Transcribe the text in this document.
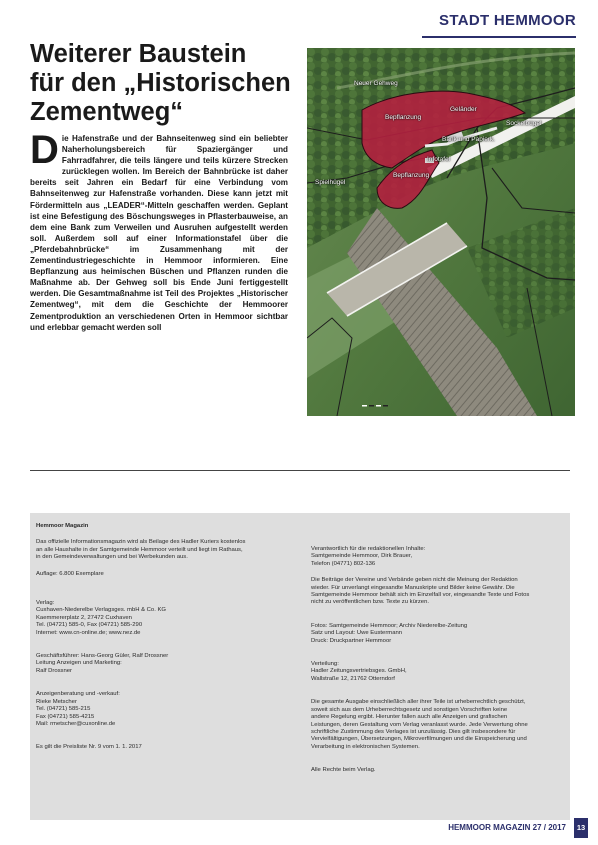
STADT HEMMOOR
Weiterer Baustein
für den „Historischen
Zementweg“
Die Hafenstraße und der Bahnseitenweg sind ein beliebter Naherholungsbereich für Spaziergänger und Fahrradfahrer, die teils längere und teils kürzere Strecken zurücklegen wollen. Im Bereich der Bahnbrücke ist daher bereits seit Jahren ein Bedarf für eine Verbindung vom Bahnseitenweg zur Hafenstraße vorhanden. Diese kann jetzt mit Fördermitteln aus „LEADER“-Mitteln geschaffen werden. Geplant ist eine Befestigung des Böschungsweges in Pflasterbauweise, an dem eine Bank zum Verweilen und Ausruhen aufgestellt werden soll. Außerdem soll auf einer Informationstafel über die „Pferdebahnbrücke“ im Zusammenhang mit der Zementindustriegeschichte in Hemmoor informieren. Eine Bepflanzung aus heimischen Büschen und Pflanzen runden die Maßnahme ab. Der Gehweg soll bis Ende Juni fertiggestellt werden. Die Gesamtmaßnahme ist Teil des Projektes „Historischer Zementweg“, mit dem die Geschichte der Hemmoorer Zementproduktion an verschiedenen Orten in Hemmoor sichtbar und erlebbar gemacht werden soll
Neuer Gehweg
Geländer
Bepflanzung
Sockelbügel
Bank und Papierk.
Infotafel
Bepflanzung
Spielhügel

Hemmoor Magazin

Das offizielle Informationsmagazin wird als Beilage des Hadler Kuriers kostenlos
an alle Haushalte in der Samtgemeinde Hemmoor verteilt und liegt im Rathaus,
in den Gemeindeverwaltungen und bei Werbekunden aus.

Auflage: 6.800 Exemplare

Verlag:
Cuxhaven-Niederelbe Verlagsges. mbH & Co. KG
Kaemmererplatz 2, 27472 Cuxhaven
Tel. (04721) 585-0, Fax (04721) 585-290
Internet: www.cn-online.de; www.nez.de

Geschäftsführer: Hans-Georg Güler, Ralf Drossner
Leitung Anzeigen und Marketing:
Ralf Drossner

Anzeigenberatung und -verkauf:
Rieke Metscher
Tel. (04721) 585-215
Fax (04721) 585-4215
Mail: rmetscher@cuxonline.de

Es gilt die Preisliste Nr. 9 vom 1. 1. 2017

Verantwortlich für die redaktionellen Inhalte:
Samtgemeinde Hemmoor, Dirk Brauer,
Telefon (04771) 802-136

Die Beiträge der Vereine und Verbände geben nicht die Meinung der Redaktion
wieder. Für unverlangt eingesandte Manuskripte und Bilder keine Gewähr. Die
Samtgemeinde Hemmoor behält sich im Einzelfall vor, eingesandte Texte und Fotos
nicht zu veröffentlichen bzw. Texte zu kürzen.

Fotos: Samtgemeinde Hemmoor; Archiv Niederelbe-Zeitung
Satz und Layout: Uwe Eustermann
Druck: Druckpartner Hemmoor

Verteilung:
Hadler Zeitungsvertriebsges. GmbH,
Wallstraße 12, 21762 Otterndorf

Die gesamte Ausgabe einschließlich aller ihrer Teile ist urheberrechtlich geschützt,
soweit sich aus dem Urheberrechtsgesetz und sonstigen Vorschriften keine
andere Regelung ergibt. Hierunter fallen auch alle Anzeigen und grafischen
Leistungen, deren Gestaltung vom Verlag veranlasst wurde. Jede Verwertung ohne
schriftliche Zustimmung des Verlages ist unzulässig. Dies gilt insbesondere für
Vervielfältigungen, Übersetzungen, Mikroverfilmungen und die Einspeicherung und
Verarbeitung in elektronischen Systemen.

Alle Rechte beim Verlag.

HEMMOOR MAGAZIN 27 / 2017	13
